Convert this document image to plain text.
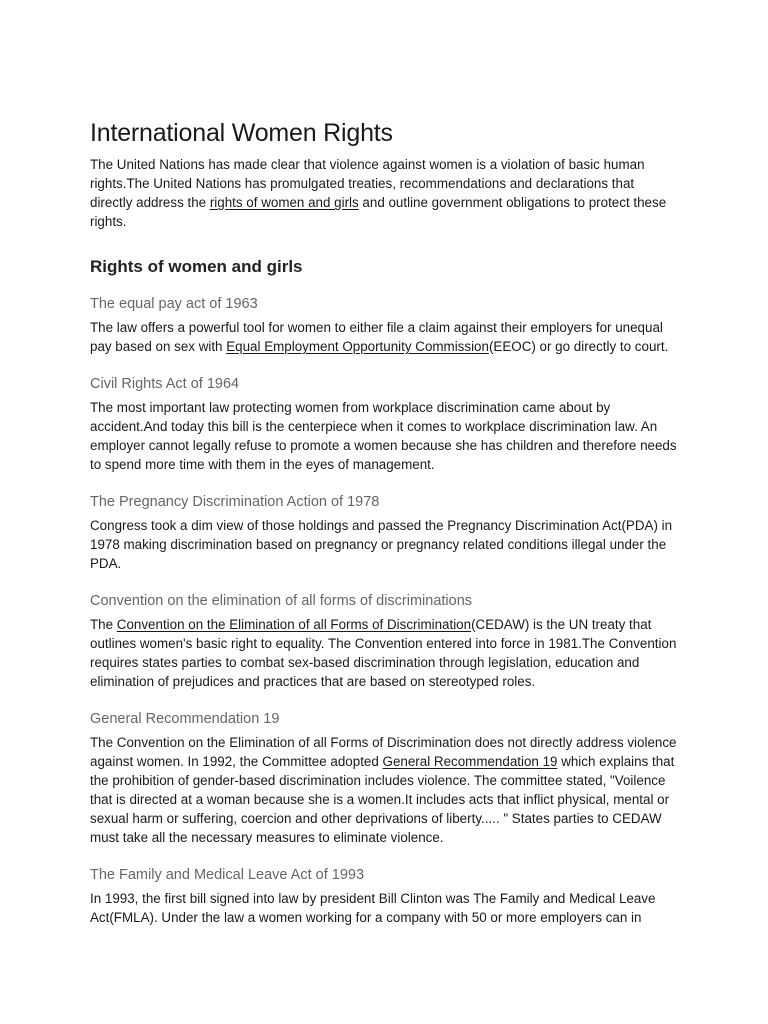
International Women Rights

The United Nations has made clear that violence against women is a violation of basic human rights.The United Nations has promulgated treaties, recommendations and declarations that directly address the rights of women and girls and outline government obligations to protect these rights.

Rights of women and girls
The equal pay act of 1963

The law offers a powerful tool for women to either file a claim against their employers for unequal pay based on sex with Equal Employment Opportunity Commission(EEOC) or go directly to court.

Civil Rights Act of 1964

The most important law protecting women from workplace discrimination came about by accident.And today this bill is the centerpiece when it comes to workplace discrimination law. An employer cannot legally refuse to promote a women because she has children and therefore needs to spend more time with them in the eyes of management.

The Pregnancy Discrimination Action of 1978

Congress took a dim view of those holdings and passed the Pregnancy Discrimination Act(PDA) in 1978 making discrimination based on pregnancy or pregnancy related conditions illegal under the PDA.

Convention on the elimination of all forms of discriminations

The Convention on the Elimination of all Forms of Discrimination(CEDAW) is the UN treaty that outlines women's basic right to equality. The Convention entered into force in 1981.The Convention requires states parties to combat sex-based discrimination through legislation, education and elimination of prejudices and practices that are based on stereotyped roles.

General Recommendation 19

The Convention on the Elimination of all Forms of Discrimination does not directly address violence against women. In 1992, the Committee adopted General Recommendation 19 which explains that the prohibition of gender-based discrimination includes violence. The committee stated, "Voilence that is directed at a woman because she is a women.It includes acts that inflict physical, mental or sexual harm or suffering, coercion and other deprivations of liberty..... " States parties to CEDAW must take all the necessary measures to eliminate violence.

The Family and Medical Leave Act of 1993

In 1993, the first bill signed into law by president Bill Clinton was The Family and Medical Leave Act(FMLA). Under the law a women working for a company with 50 or more employers can in
